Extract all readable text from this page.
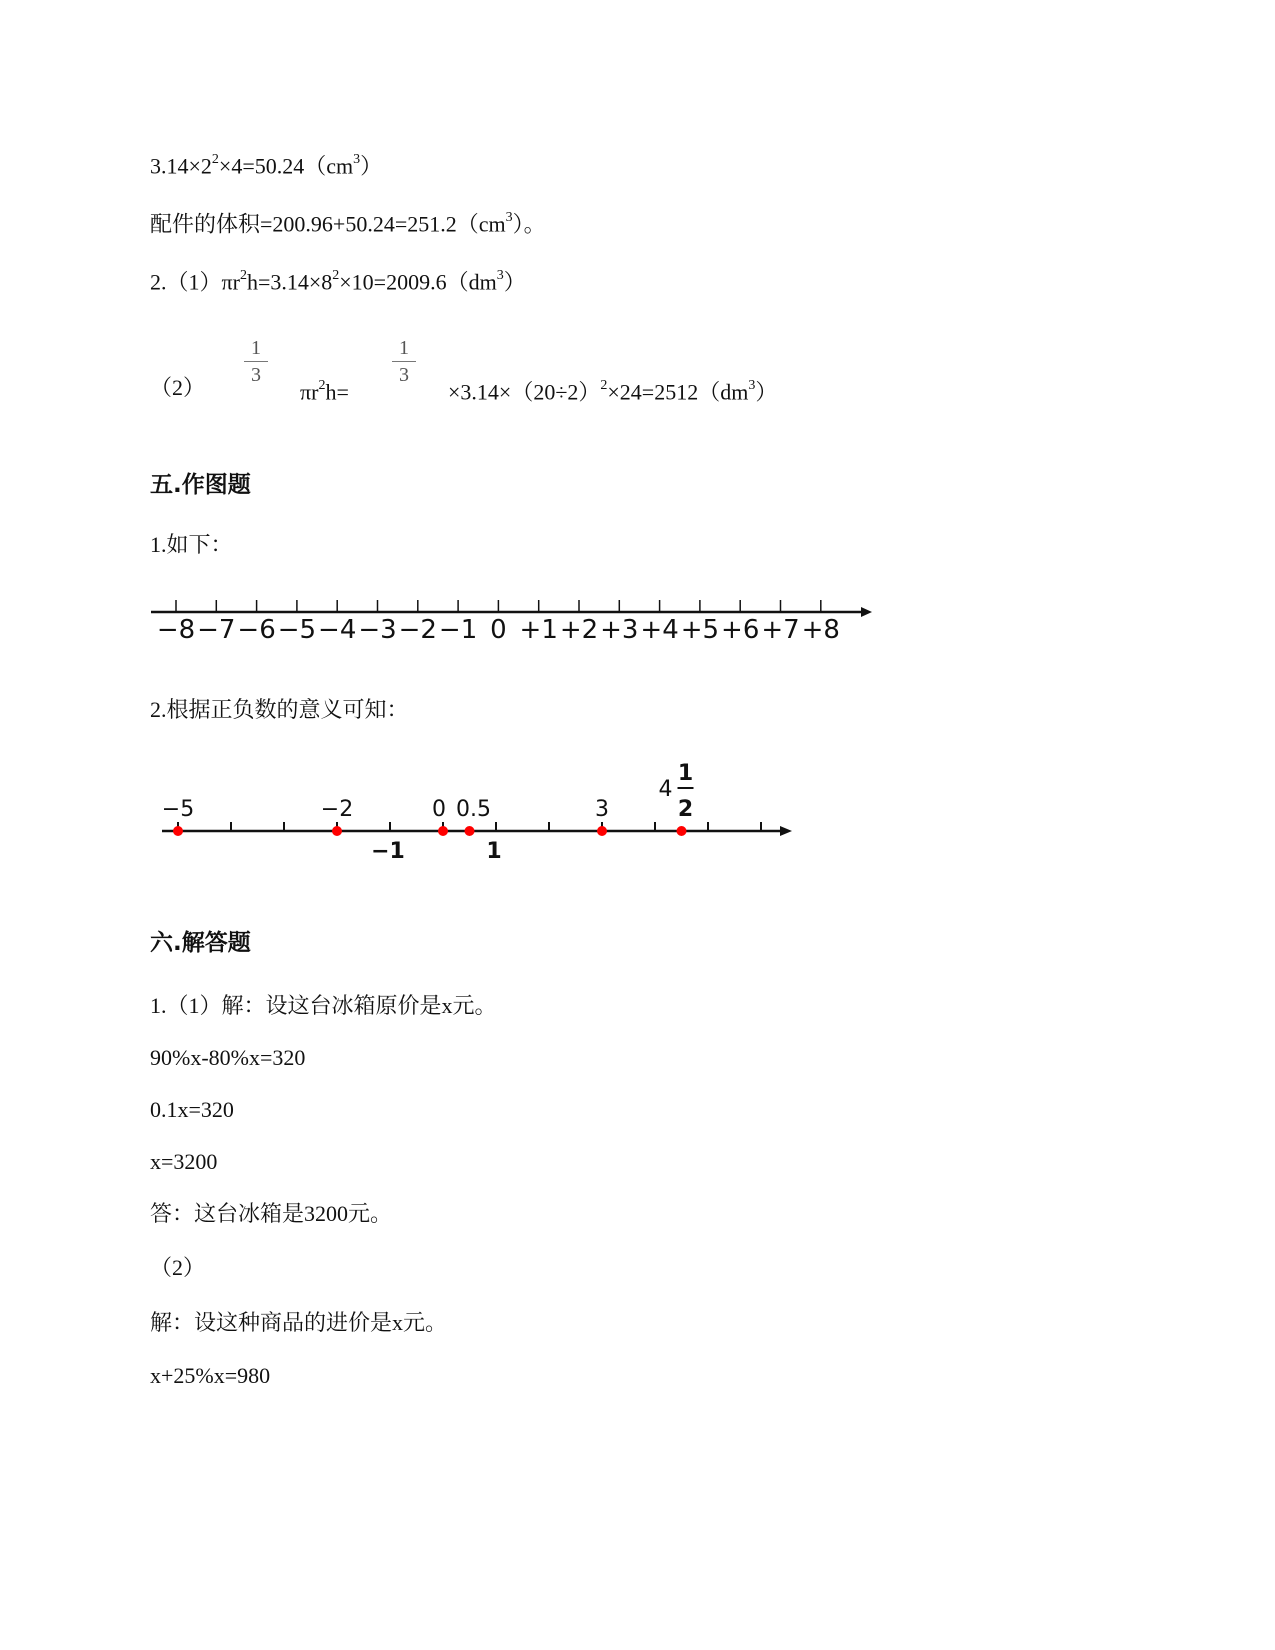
$3.14\times 2^2\times 4=50.24(cm^3)$
配件的体积$=200.96+50.24=251.2(cm^3)$。
$2.(1)\pi r^2h=3.14\times 8^2\times 10=2009.6(dm^3)$
（2）
$\frac{1}{3}$
$\pi r^2h=$
$\frac{1}{3}$
$\times 3.14\times(20\div 2)^2\times 24=2512(dm^3)$
五.作图题
1.如下：
−8 −7 −6 −5 −4 −3 −2 −1 0 +1 +2 +3 +4 +5 +6 +7 +8
2.根据正负数的意义可知：
−5	−2	0 0.5	3
4
1
2
−1	1
六.解答题
1.（1）解：设这台冰箱原价是x元。
90%x-80%x=320
0.1x=320
x=3200
答：这台冰箱是3200元。
（2）
解：设这种商品的进价是x元。
x+25%x=980
